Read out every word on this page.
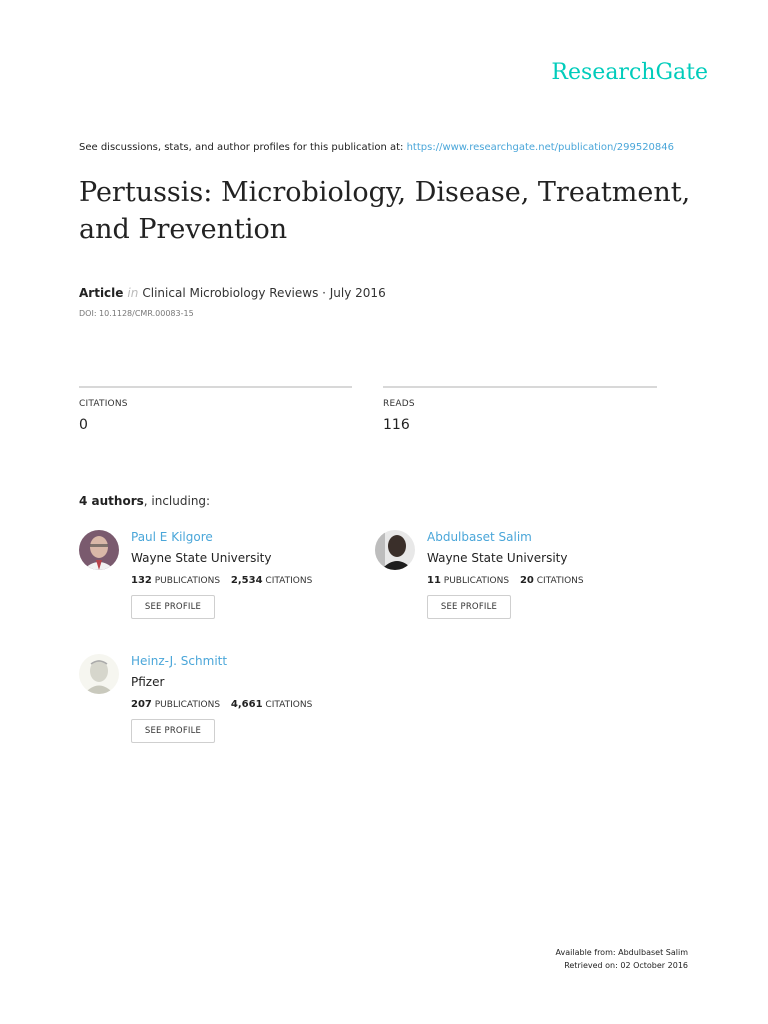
ResearchGate
See discussions, stats, and author profiles for this publication at: https://www.researchgate.net/publication/299520846
Pertussis: Microbiology, Disease, Treatment, and Prevention
Article in Clinical Microbiology Reviews · July 2016
DOI: 10.1128/CMR.00083-15
CITATIONS
0
READS
116
4 authors, including:
Paul E Kilgore
Wayne State University
132 PUBLICATIONS 2,534 CITATIONS
SEE PROFILE
Abdulbaset Salim
Wayne State University
11 PUBLICATIONS 20 CITATIONS
SEE PROFILE
Heinz-J. Schmitt
Pfizer
207 PUBLICATIONS 4,661 CITATIONS
SEE PROFILE
Available from: Abdulbaset Salim
Retrieved on: 02 October 2016
